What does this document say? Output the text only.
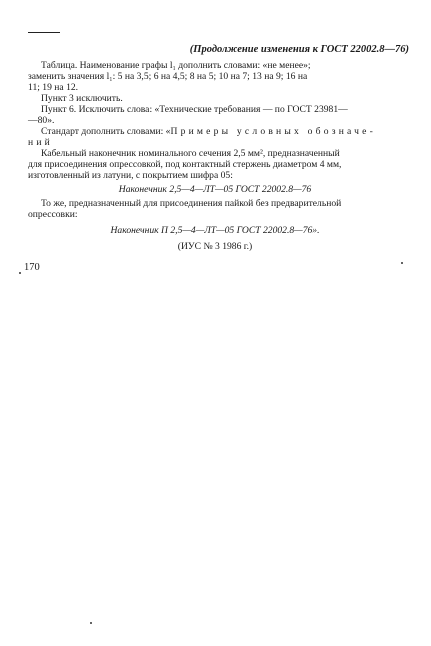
(Продолжение изменения к ГОСТ 22002.8—76)
Таблица. Наименование графы l₁ дополнить словами: «не менее»;
заменить значения l₁: 5 на 3,5; 6 на 4,5; 8 на 5; 10 на 7; 13 на 9; 16 на
11; 19 на 12.
Пункт 3 исключить.
Пункт 6. Исключить слова: «Технические требования — по ГОСТ 23981—
—80».
Стандарт дополнить словами: «Примеры условных обозначе-
ний
Кабельный наконечник номинального сечения 2,5 мм², предназначенный
для присоединения опрессовкой, под контактный стержень диаметром 4 мм,
изготовленный из латуни, с покрытием шифра 05:
Наконечник 2,5—4—ЛТ—05 ГОСТ 22002.8—76
То же, предназначенный для присоединения пайкой без предварительной
опрессовки:
Наконечник П 2,5—4—ЛТ—05 ГОСТ 22002.8—76».
(ИУС № 3 1986 г.)
170
